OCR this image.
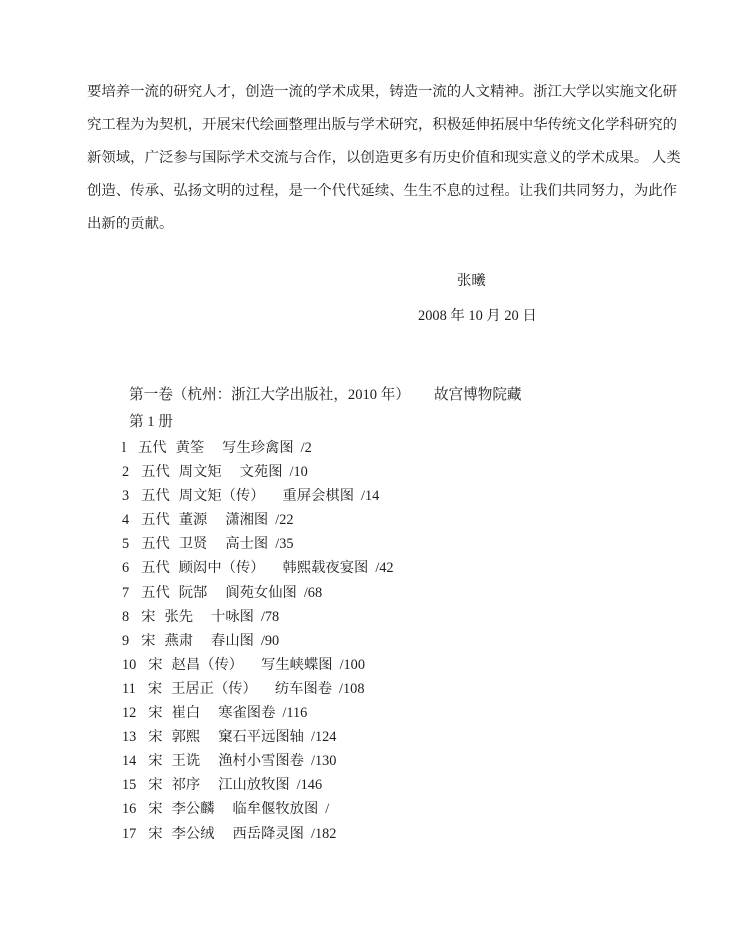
要培养一流的研究人才，创造一流的学术成果，铸造一流的人文精神。浙江大学以实施文化研
究工程为为契机，开展宋代绘画整理出版与学术研究，积极延伸拓展中华传统文化学科研究的
新领域，广泛参与国际学术交流与合作，以创造更多有历史价值和现实意义的学术成果。 人类
创造、传承、弘扬文明的过程，是一个代代延续、生生不息的过程。让我们共同努力，为此作
出新的贡献。
张曦
2008 年 10 月 20 日
第一卷（杭州：浙江大学出版社，2010 年） 故宫博物院藏
第 1 册
l 五代 黄筌 写生珍禽图 /2
2 五代 周文矩 文苑图 /10
3 五代 周文矩（传） 重屏会棋图 /14
4 五代 董源 潇湘图 /22
5 五代 卫贤 高士图 /35
6 五代 顾闳中（传） 韩熙载夜宴图 /42
7 五代 阮郜 阆苑女仙图 /68
8 宋 张先 十咏图 /78
9 宋 燕肃 春山图 /90
10 宋 赵昌（传） 写生峡蝶图 /100
11 宋 王居正（传） 纺车图卷 /108
12 宋 崔白 寒雀图卷 /116
13 宋 郭熙 窠石平远图轴 /124
14 宋 王诜 渔村小雪图卷 /130
15 宋 祁序 江山放牧图 /146
16 宋 李公麟 临牟偃牧放图 /
17 宋 李公绒 西岳降灵图 /182
